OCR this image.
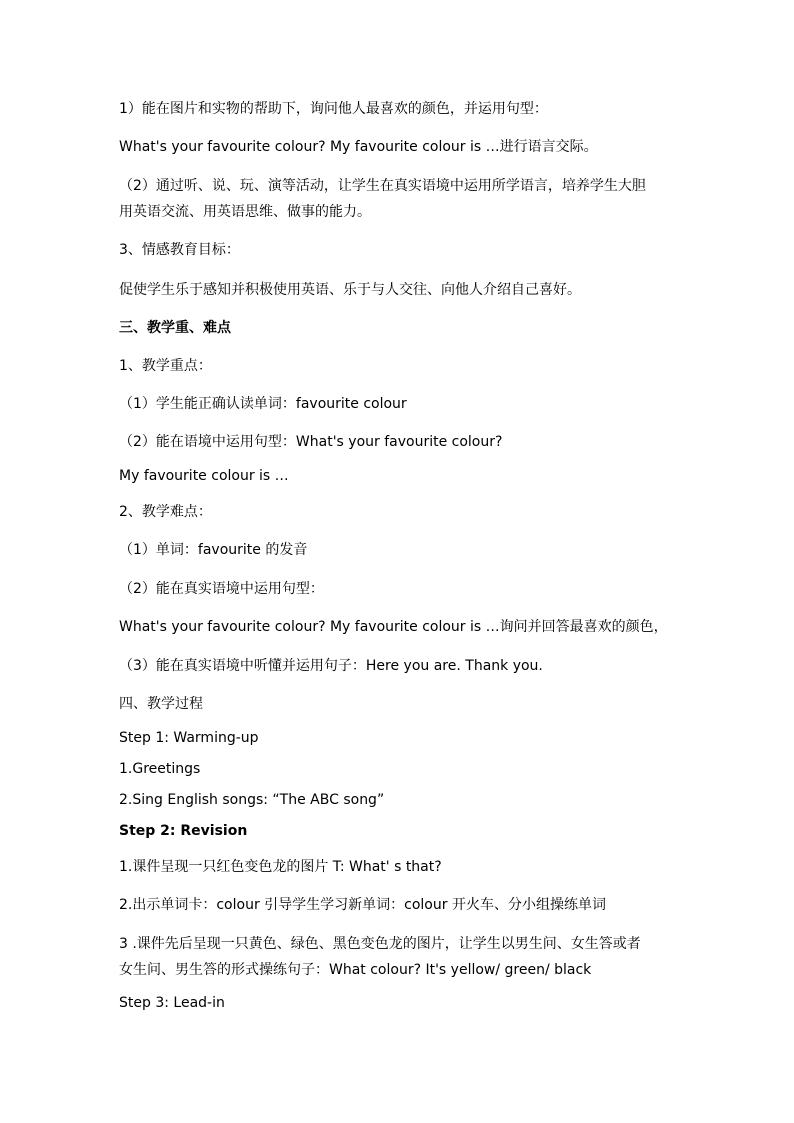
1）能在图片和实物的帮助下，询问他人最喜欢的颜色，并运用句型：
What's your favourite colour? My favourite colour is …进行语言交际。
（2）通过听、说、玩、演等活动，让学生在真实语境中运用所学语言，培养学生大胆
用英语交流、用英语思维、做事的能力。
3、情感教育目标：
促使学生乐于感知并积极使用英语、乐于与人交往、向他人介绍自己喜好。
三、教学重、难点
1、教学重点：
（1）学生能正确认读单词：favourite colour
（2）能在语境中运用句型：What's your favourite colour?
My favourite colour is …
2、教学难点：
（1）单词：favourite 的发音
（2）能在真实语境中运用句型：
What's your favourite colour? My favourite colour is …询问并回答最喜欢的颜色，
（3）能在真实语境中听懂并运用句子：Here you are. Thank you.
四、教学过程
Step 1: Warming-up
1.Greetings
2.Sing English songs: “The ABC song”
Step 2: Revision
1.课件呈现一只红色变色龙的图片 T: What' s that?
2.出示单词卡：colour 引导学生学习新单词：colour 开火车、分小组操练单词
3 .课件先后呈现一只黄色、绿色、黑色变色龙的图片，让学生以男生问、女生答或者
女生问、男生答的形式操练句子：What colour? It's yellow/ green/ black
Step 3: Lead-in
